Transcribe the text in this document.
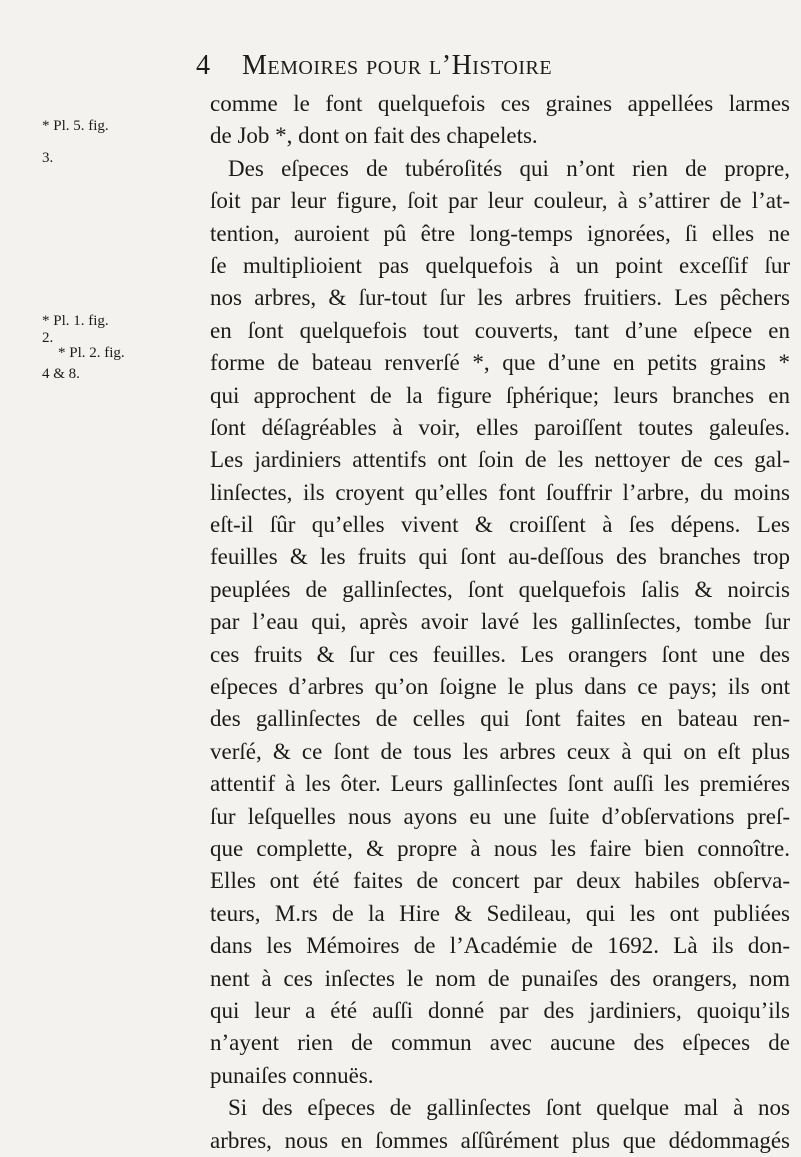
4 Memoires pour l’Histoire
* Pl. 5. fig.
3.
* Pl. 1. fig.
2.
* Pl. 2. fig.
4 & 8.
comme le font quelquefois ces graines appellées larmes
de Job *, dont on fait des chapelets.
Des eſpeces de tubéroſités qui n’ont rien de propre,
ſoit par leur figure, ſoit par leur couleur, à s’attirer de l’at-
tention, auroient pû être long-temps ignorées, ſi elles ne
ſe multiplioient pas quelquefois à un point exceſſif ſur
nos arbres, & ſur-tout ſur les arbres fruitiers. Les pêchers
en ſont quelquefois tout couverts, tant d’une eſpece en
forme de bateau renverſé *, que d’une en petits grains *
qui approchent de la figure ſphérique; leurs branches en
ſont déſagréables à voir, elles paroiſſent toutes galeuſes.
Les jardiniers attentifs ont ſoin de les nettoyer de ces gal-
linſectes, ils croyent qu’elles font ſouffrir l’arbre, du moins
eſt-il ſûr qu’elles vivent & croiſſent à ſes dépens. Les
feuilles & les fruits qui ſont au-deſſous des branches trop
peuplées de gallinſectes, ſont quelquefois ſalis & noircis
par l’eau qui, après avoir lavé les gallinſectes, tombe ſur
ces fruits & ſur ces feuilles. Les orangers ſont une des
eſpeces d’arbres qu’on ſoigne le plus dans ce pays; ils ont
des gallinſectes de celles qui ſont faites en bateau ren-
verſé, & ce ſont de tous les arbres ceux à qui on eſt plus
attentif à les ôter. Leurs gallinſectes ſont auſſi les premiéres
ſur leſquelles nous ayons eu une ſuite d’obſervations preſ-
que complette, & propre à nous les faire bien connoître.
Elles ont été faites de concert par deux habiles obſerva-
teurs, M.rs de la Hire & Sedileau, qui les ont publiées
dans les Mémoires de l’Académie de 1692. Là ils don-
nent à ces inſectes le nom de punaiſes des orangers, nom
qui leur a été auſſi donné par des jardiniers, quoiqu’ils
n’ayent rien de commun avec aucune des eſpeces de
punaiſes connuës.
Si des eſpeces de gallinſectes ſont quelque mal à nos
arbres, nous en ſommes aſſûrément plus que dédommagés
